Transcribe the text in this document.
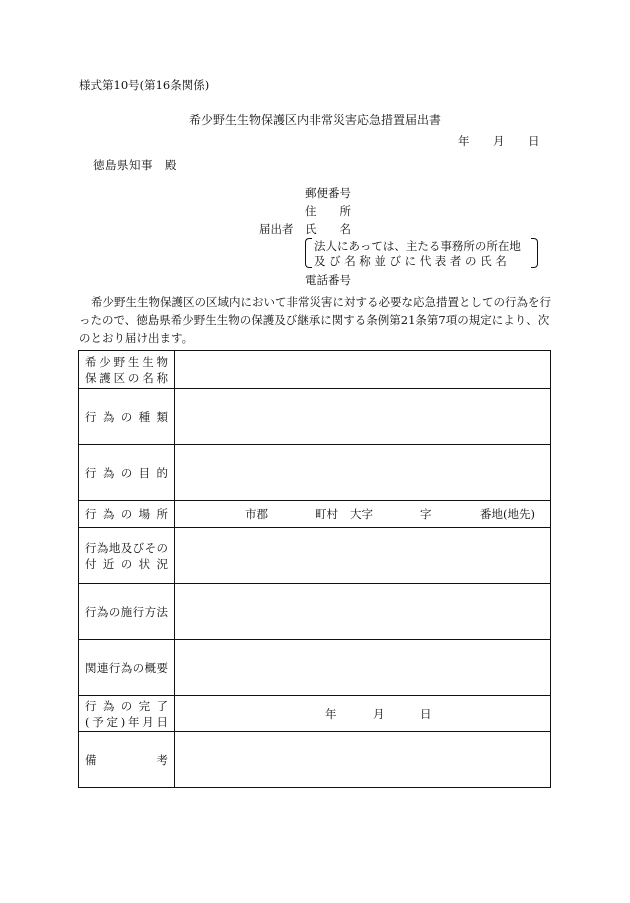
様式第10号(第16条関係)
希少野生生物保護区内非常災害応急措置届出書
年 月 日
徳島県知事　殿
郵便番号
住　　所
届出者 氏　　名
法人にあっては、主たる事務所の所在地
及び名称並びに代表者の氏名
電話番号
希少野生生物保護区の区域内において非常災害に対する必要な応急措置としての行為を行ったので、徳島県希少野生生物の保護及び継承に関する条例第21条第7項の規定により、次のとおり届け出ます。
希少野生生物
保護区の名称	

行為の種類	

行為の目的	

行為の場所	市郡 町村 大字 字 番地(地先)

行為地及びその
付近の状況	

行為の施行方法	

関連行為の概要	

行為の完了
(予定)年月日	年 月 日

備　　考	
